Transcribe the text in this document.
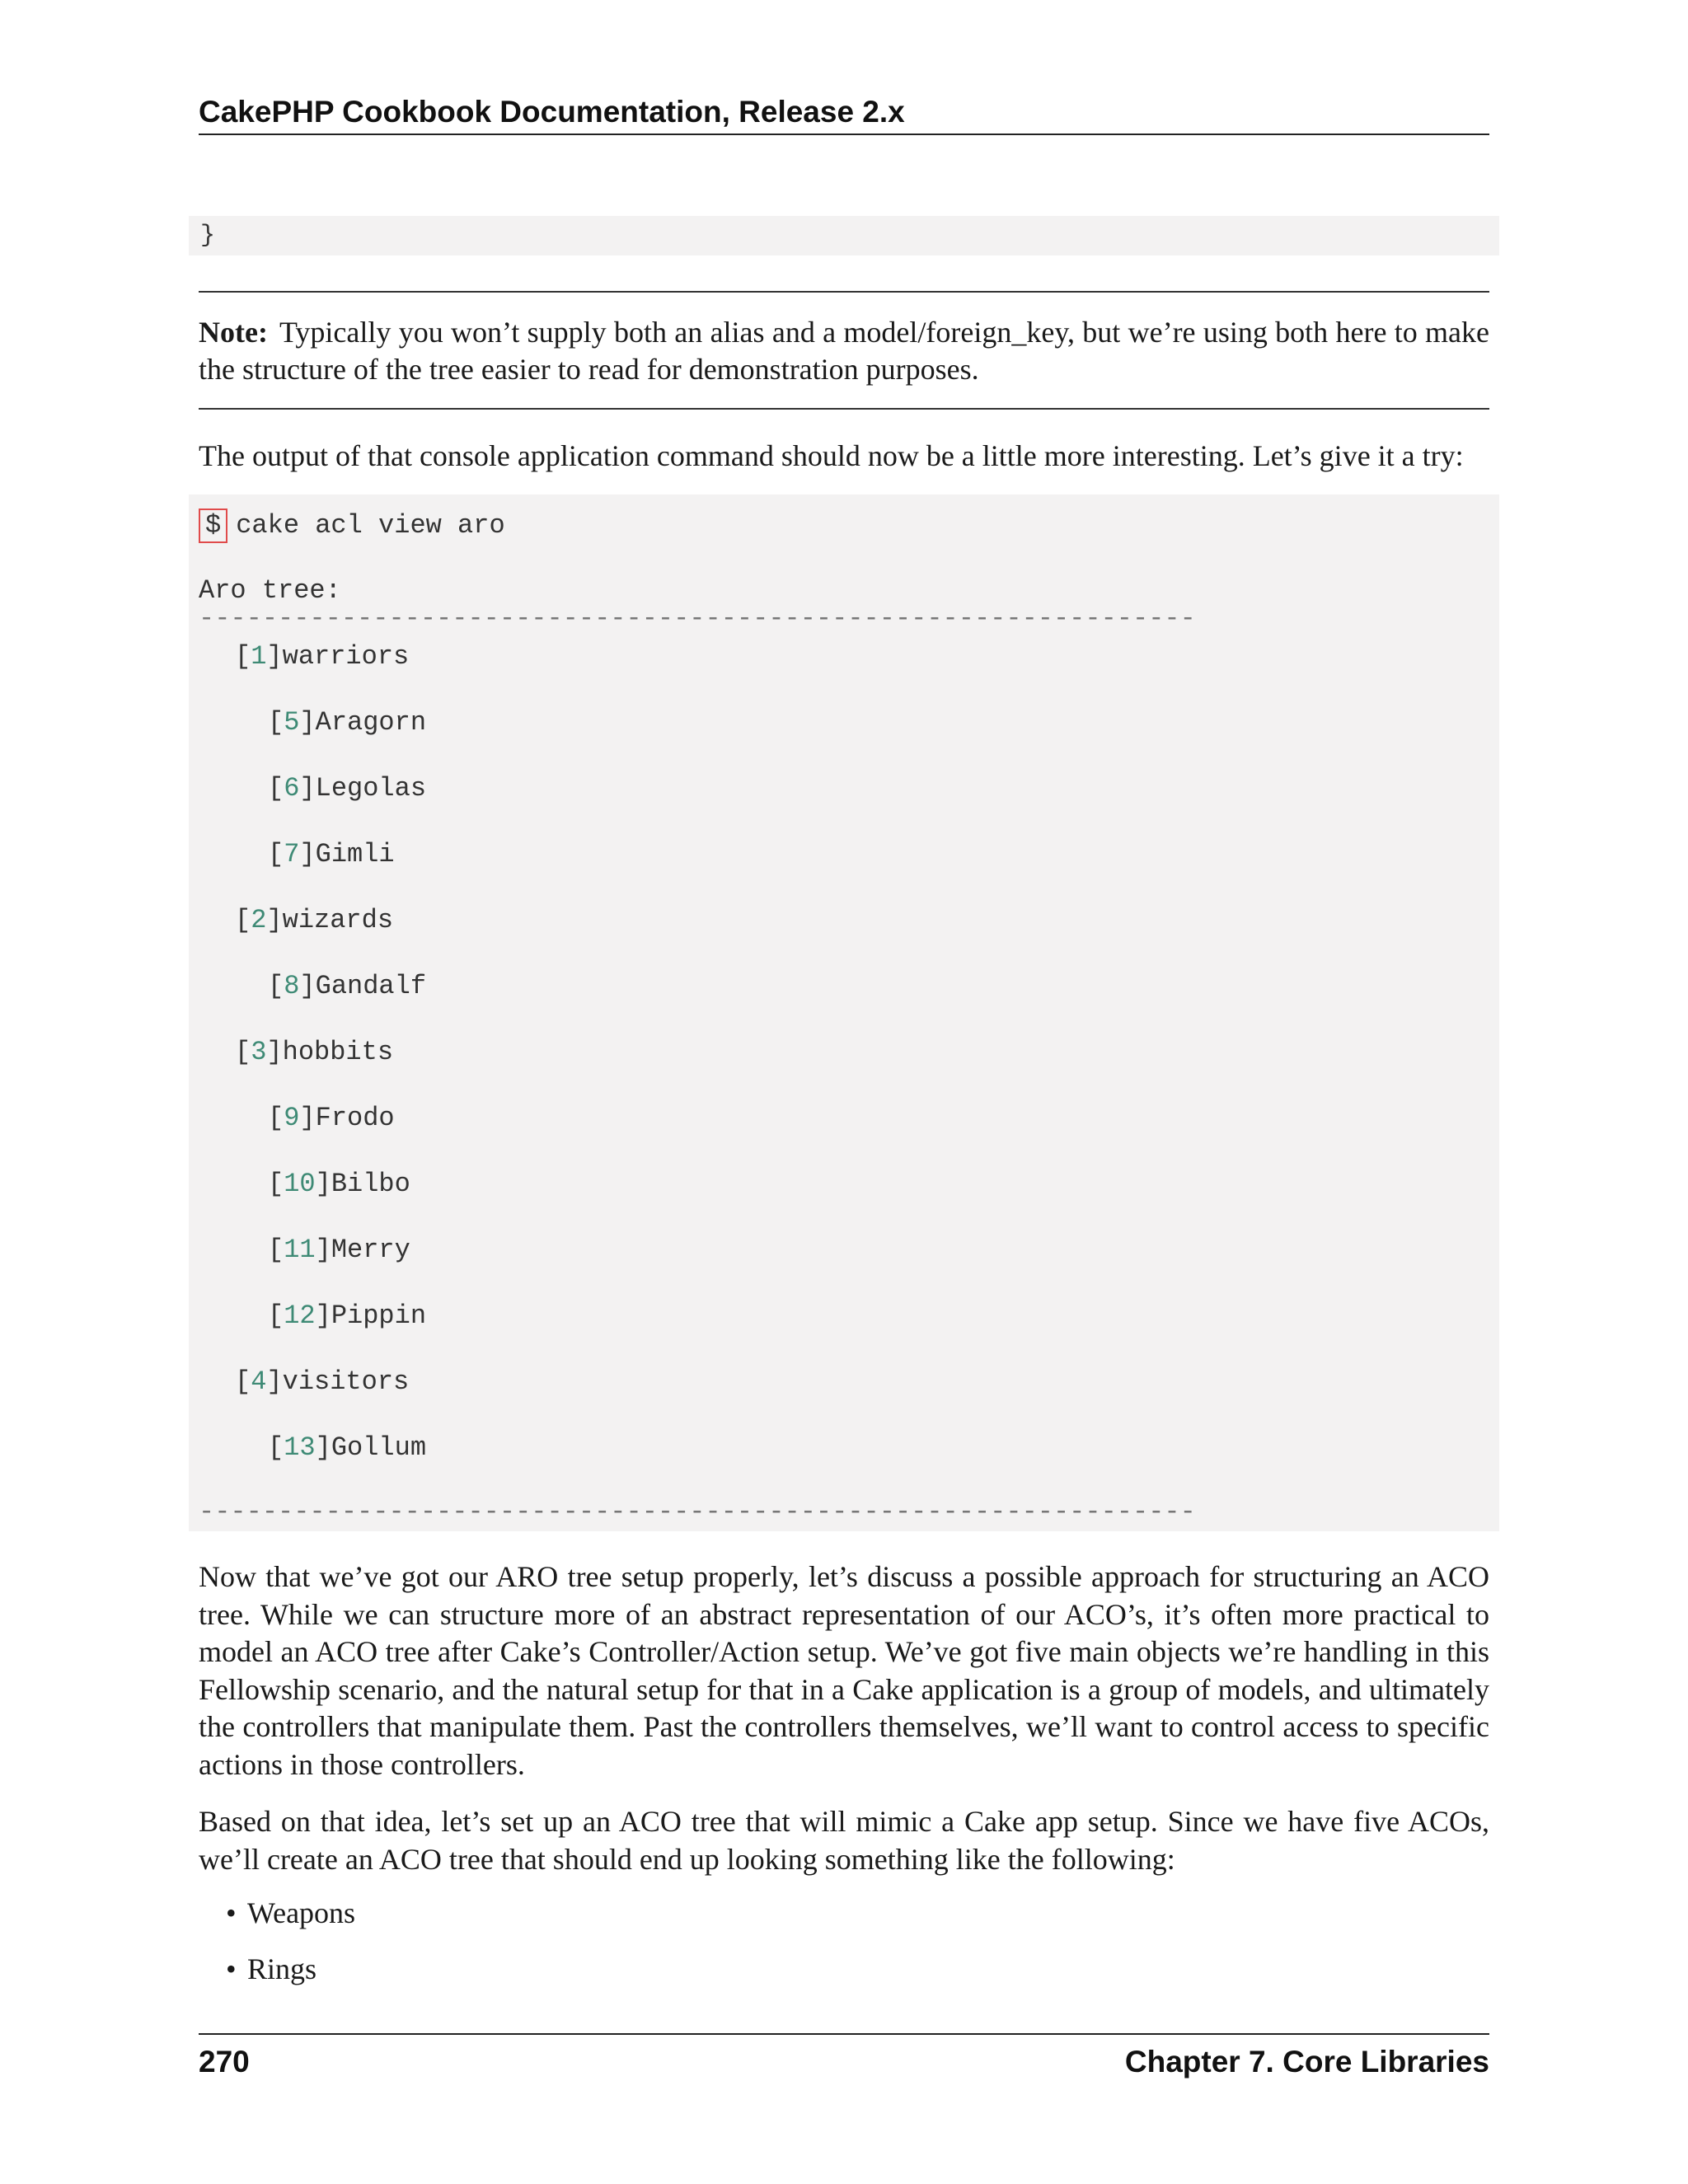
CakePHP Cookbook Documentation, Release 2.x
}
Note: Typically you won’t supply both an alias and a model/foreign_key, but we’re using both here to make the structure of the tree easier to read for demonstration purposes.

The output of that console application command should now be a little more interesting. Let’s give it a try:

$ cake acl view aro
Aro tree:
---------------------------------------------------------------
[1]warriors
[5]Aragorn
[6]Legolas
[7]Gimli
[2]wizards
[8]Gandalf
[3]hobbits
[9]Frodo
[10]Bilbo
[11]Merry
[12]Pippin
[4]visitors
[13]Gollum
---------------------------------------------------------------

Now that we’ve got our ARO tree setup properly, let’s discuss a possible approach for structuring an ACO tree. While we can structure more of an abstract representation of our ACO’s, it’s often more practical to model an ACO tree after Cake’s Controller/Action setup. We’ve got five main objects we’re handling in this Fellowship scenario, and the natural setup for that in a Cake application is a group of models, and ultimately the controllers that manipulate them. Past the controllers themselves, we’ll want to control access to specific actions in those controllers.

Based on that idea, let’s set up an ACO tree that will mimic a Cake app setup. Since we have five ACOs, we’ll create an ACO tree that should end up looking something like the following:

• Weapons
• Rings
270	Chapter 7. Core Libraries
